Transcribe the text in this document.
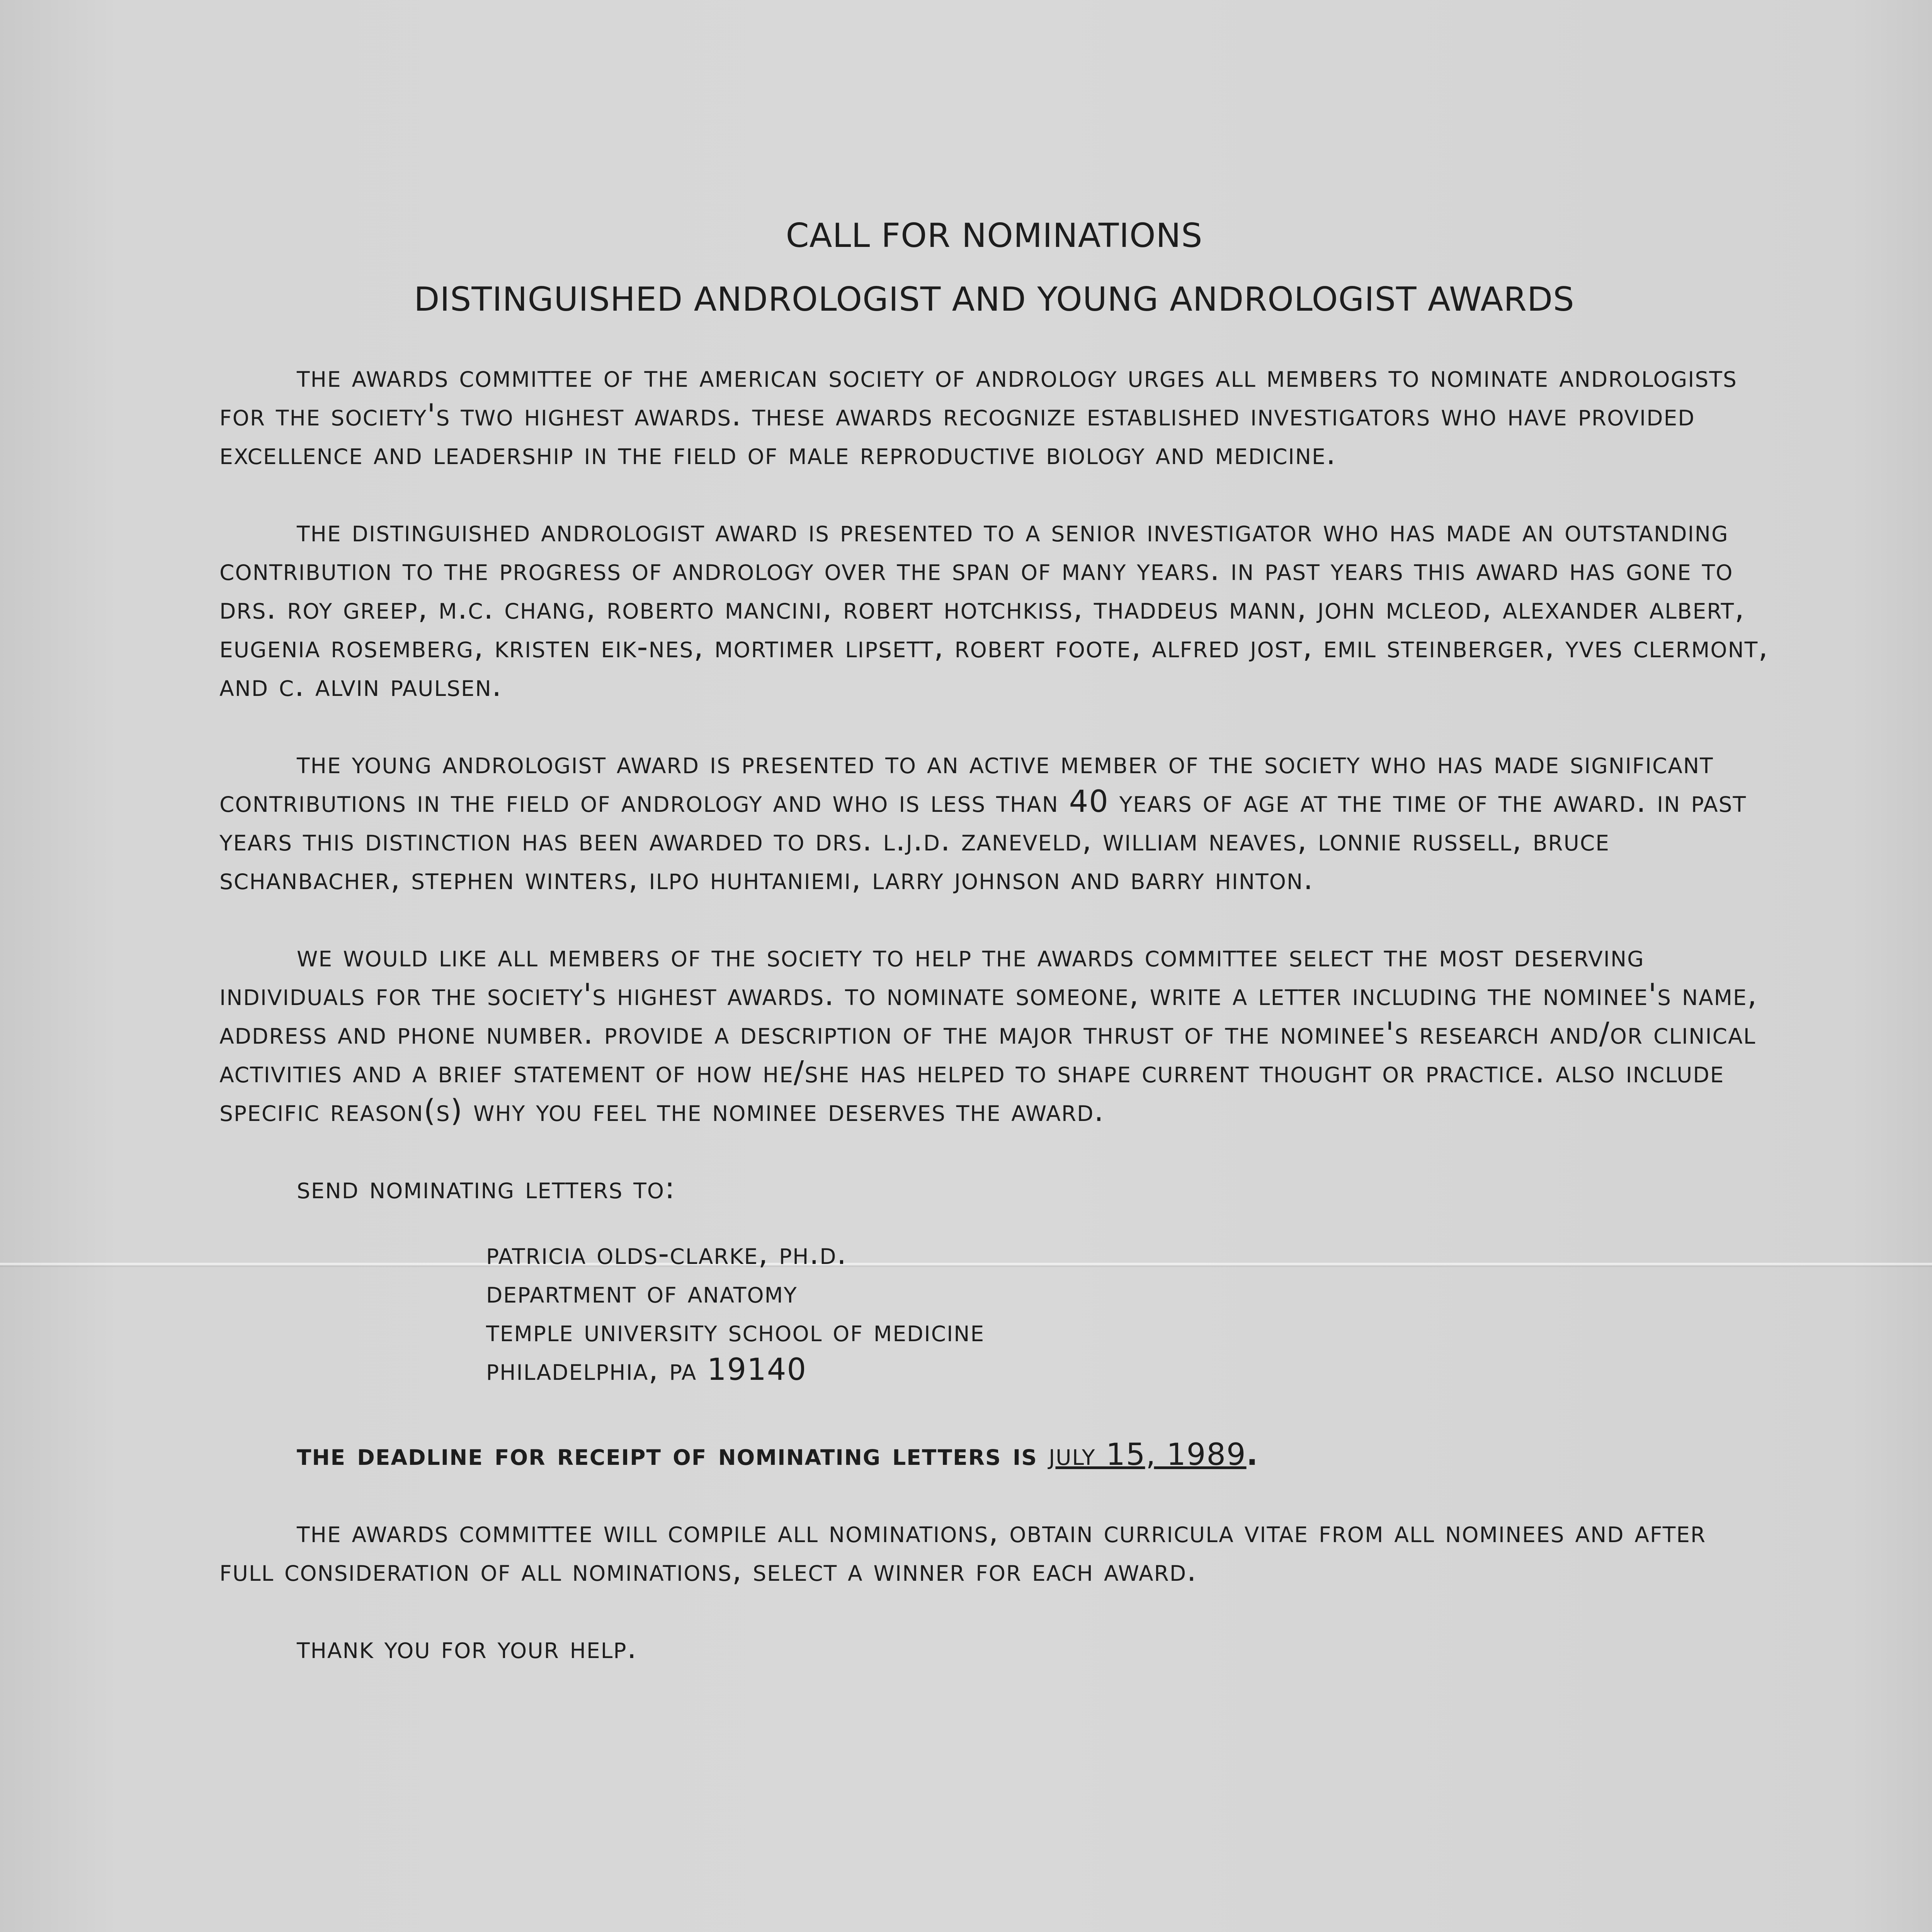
CALL FOR NOMINATIONS
DISTINGUISHED ANDROLOGIST AND YOUNG ANDROLOGIST AWARDS

the awards committee of the american society of andrology urges all members to nominate andrologists for the society's two highest awards. these awards recognize established investigators who have provided excellence and leadership in the field of male reproductive biology and medicine.

the distinguished andrologist award is presented to a senior investigator who has made an outstanding contribution to the progress of andrology over the span of many years. in past years this award has gone to drs. roy greep, m.c. chang, roberto mancini, robert hotchkiss, thaddeus mann, john mcleod, alexander albert, eugenia rosemberg, kristen eik-nes, mortimer lipsett, robert foote, alfred jost, emil steinberger, yves clermont, and c. alvin paulsen.

the young andrologist award is presented to an active member of the society who has made significant contributions in the field of andrology and who is less than 40 years of age at the time of the award. in past years this distinction has been awarded to drs. l.j.d. zaneveld, william neaves, lonnie russell, bruce schanbacher, stephen winters, ilpo huhtaniemi, larry johnson and barry hinton.

we would like all members of the society to help the awards committee select the most deserving individuals for the society's highest awards. to nominate someone, write a letter including the nominee's name, address and phone number. provide a description of the major thrust of the nominee's research and/or clinical activities and a brief statement of how he/she has helped to shape current thought or practice. also include specific reason(s) why you feel the nominee deserves the award.

send nominating letters to:

patricia olds-clarke, ph.d.
department of anatomy
temple university school of medicine
philadelphia, pa 19140

the deadline for receipt of nominating letters is july 15, 1989.

the awards committee will compile all nominations, obtain curricula vitae from all nominees and after full consideration of all nominations, select a winner for each award.

thank you for your help.
